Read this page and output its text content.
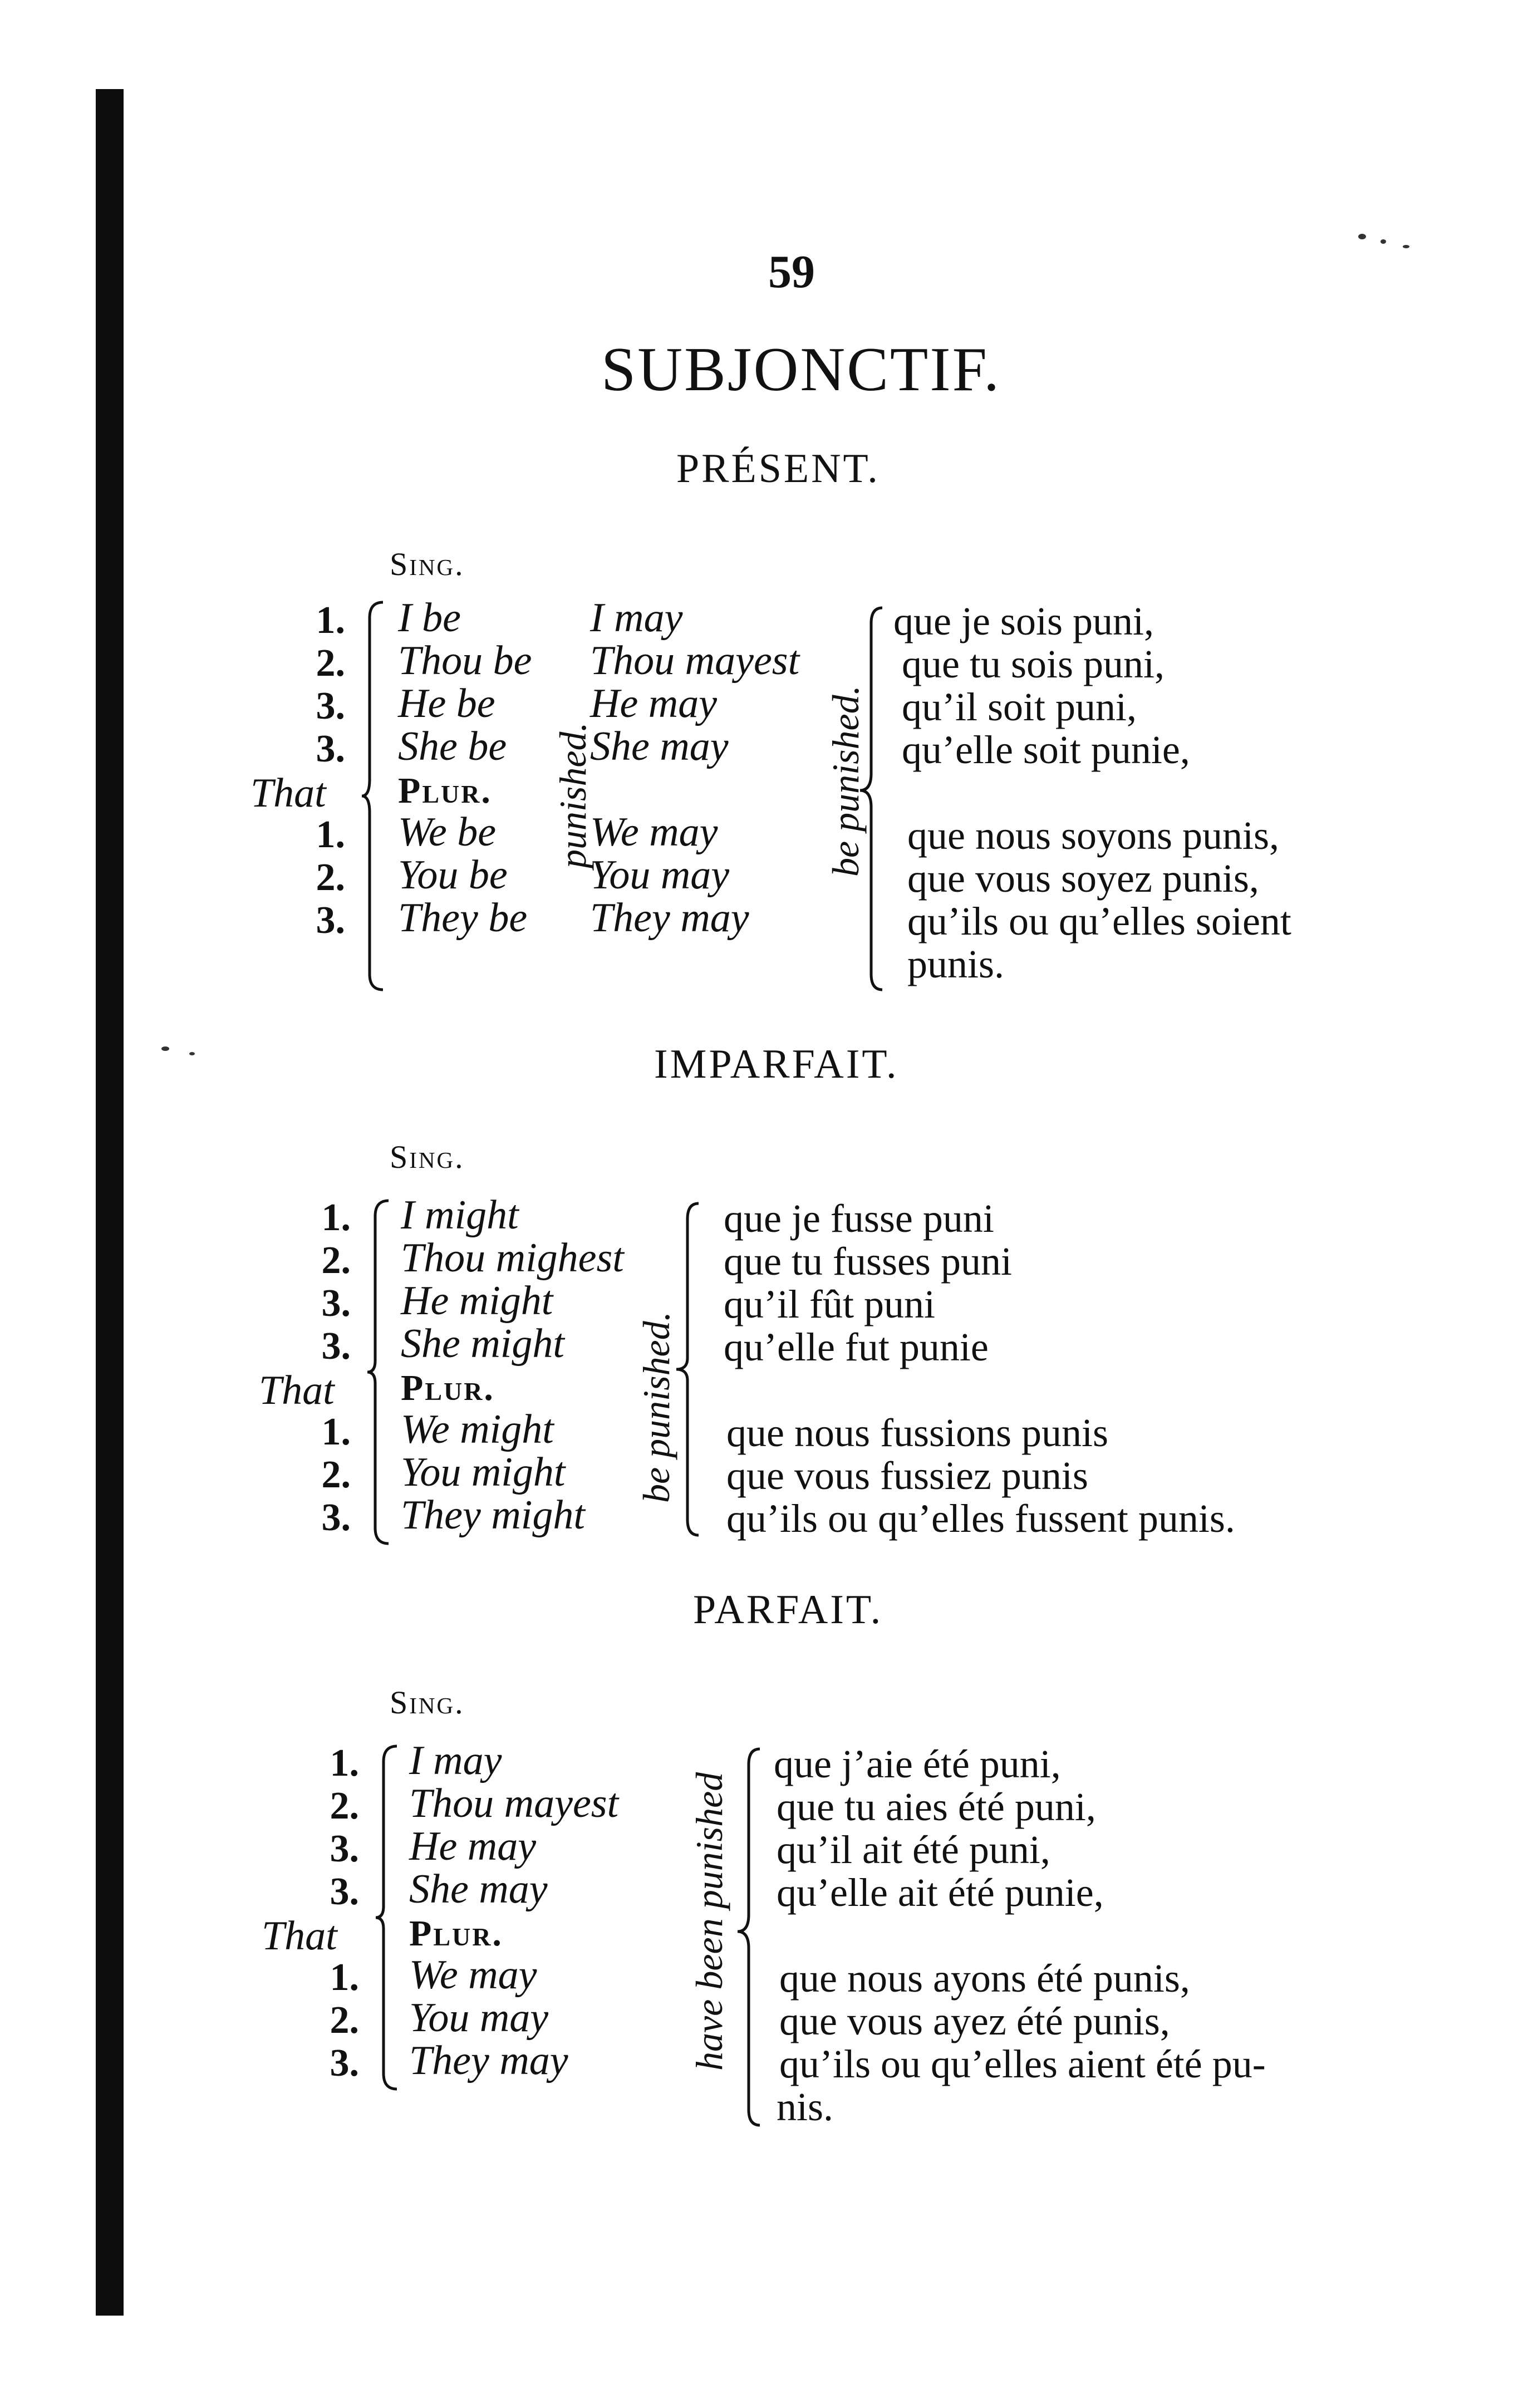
59
SUBJONCTIF.
PRÉSENT.
Sing.
1.
2.
3.
3.
That
1.
2.
3.
I be
Thou be
He be
She be
Plur.
We be
You be
They be
punished.
I may
Thou mayest
He may
She may
We may
You may
They may
be punished.
que je sois puni,
que tu sois puni,
qu’il soit puni,
qu’elle soit punie,
que nous soyons punis,
que vous soyez punis,
qu’ils ou qu’elles soient
punis.
IMPARFAIT.
Sing.
1.
2.
3.
3.
That
1.
2.
3.
I might
Thou mighest
He might
She might
Plur.
We might
You might
They might
be punished.
que je fusse puni
que tu fusses puni
qu’il fût puni
qu’elle fut punie
que nous fussions punis
que vous fussiez punis
qu’ils ou qu’elles fussent punis.
PARFAIT.
Sing.
1.
2.
3.
3.
That
1.
2.
3.
I may
Thou mayest
He may
She may
Plur.
We may
You may
They may	have been punished
que j’aie été puni,
que tu aies été puni,
qu’il ait été puni,
qu’elle ait été punie,
que nous ayons été punis,
que vous ayez été punis,
qu’ils ou qu’elles aient été pu-
nis.
